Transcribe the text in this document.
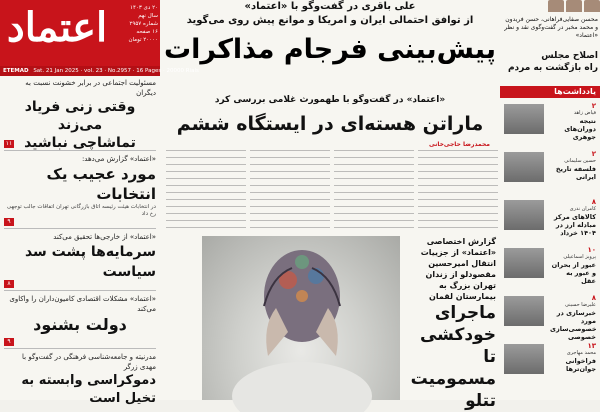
اعتماد	۲۰ دی ۱۴۰۳
سال نهم
شماره ۲۹۵۷
۱۶ صفحه
۲۰۰۰۰ تومان
ETEMAD Sat. 21 Jan 2025 · vol. 23 · No.2957 · 16 Pages · 20000 Rials
مسئولیت اجتماعی در برابر خشونت نسبت به دیگران
وقتی زنی فریاد می‌زند
تماشاچی نباشید
۱۱
«اعتماد» گزارش می‌دهد:
مورد عجیب یک انتخابات
در انتخابات هیئت رئیسه اتاق بازرگانی تهران اتفاقات جالب توجهی رخ داد
۹
«اعتماد» از خارجی‌ها تحقیق می‌کند
سرمایه‌ها پشت سد سیاست
۸
«اعتماد» مشکلات اقتصادی کامیون‌داران را واکاوی می‌کند
دولت بشنود
۹
مدرنیته و جامعه‌شناسی فرهنگی در گفت‌وگو با مهدی زرگر
دموکراسی وابسته به تخیل است
علی باقری در گفت‌وگو با «اعتماد»
از توافق احتمالی ایران و امریکا و موانع پیش روی می‌گوید
پیش‌بینی فرجام مذاکرات
«اعتماد» در گفت‌وگو با طهمورث غلامی بررسی کرد
ماراتن هسته‌ای در ایستگاه ششم
محمدرضا حاجی‌خانی
گزارش اختصاصی «اعتماد» از جزییات انتقال امیرحسین مقصودلو از زندان تهران بزرگ به بیمارستان لقمان
ماجرای خودکشی تا مسمومیت تتلو
محسن صفایی‌فراهانی، حسن فریدون و محمد مخبر در گفت‌وگوی نقد و نظر «اعتماد»
اصلاح مجلس
راه بازگشت به مردم
یادداشت‌ها
۲
فیاض زاهد
نتیجه دوران‌های جوهری
۲
حسین سلیمانی
فلسفه تاریخ ایرانی
۸
کامران ندری
کالاهای مرکز مبادله ارز در ۱۴۰۴ خرداد
۱۰
پرویز اسماعیلی
عبور از بحران و عبور به عقل
۸
علیرضا حسینی
خبرسازی در مورد خصوصی‌سازی خصوصی
۱۳
محمد مهاجری
فراخوانی جوان‌ترها
